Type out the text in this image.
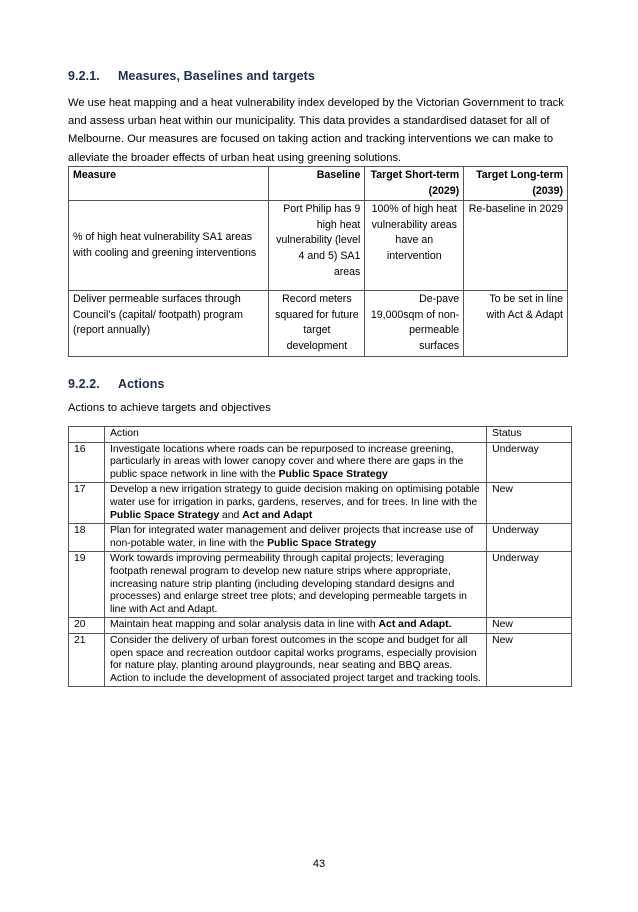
9.2.1. Measures, Baselines and targets

We use heat mapping and a heat vulnerability index developed by the Victorian Government to track and assess urban heat within our municipality. This data provides a standardised dataset for all of Melbourne. Our measures are focused on taking action and tracking interventions we can make to alleviate the broader effects of urban heat using greening solutions.

Measure	Baseline	Target Short-term (2029)	Target Long-term (2039)
% of high heat vulnerability SA1 areas with cooling and greening interventions	Port Philip has 9 high heat vulnerability (level 4 and 5) SA1 areas	100% of high heat vulnerability areas have an intervention	Re-baseline in 2029
Deliver permeable surfaces through Council’s (capital/ footpath) program (report annually)	Record meters squared for future target development	De-pave 19,000sqm of non-permeable surfaces	To be set in line with Act & Adapt
9.2.2. Actions

Actions to achieve targets and objectives

	Action	Status
16	Investigate locations where roads can be repurposed to increase greening, particularly in areas with lower canopy cover and where there are gaps in the public space network in line with the Public Space Strategy	Underway
17	Develop a new irrigation strategy to guide decision making on optimising potable water use for irrigation in parks, gardens, reserves, and for trees. In line with the Public Space Strategy and Act and Adapt	New
18	Plan for integrated water management and deliver projects that increase use of non-potable water, in line with the Public Space Strategy	Underway
19	Work towards improving permeability through capital projects; leveraging footpath renewal program to develop new nature strips where appropriate, increasing nature strip planting (including developing standard designs and processes) and enlarge street tree plots; and developing permeable targets in line with Act and Adapt.	Underway
20	Maintain heat mapping and solar analysis data in line with Act and Adapt.	New
21	Consider the delivery of urban forest outcomes in the scope and budget for all open space and recreation outdoor capital works programs, especially provision for nature play, planting around playgrounds, near seating and BBQ areas. Action to include the development of associated project target and tracking tools.	New
43
